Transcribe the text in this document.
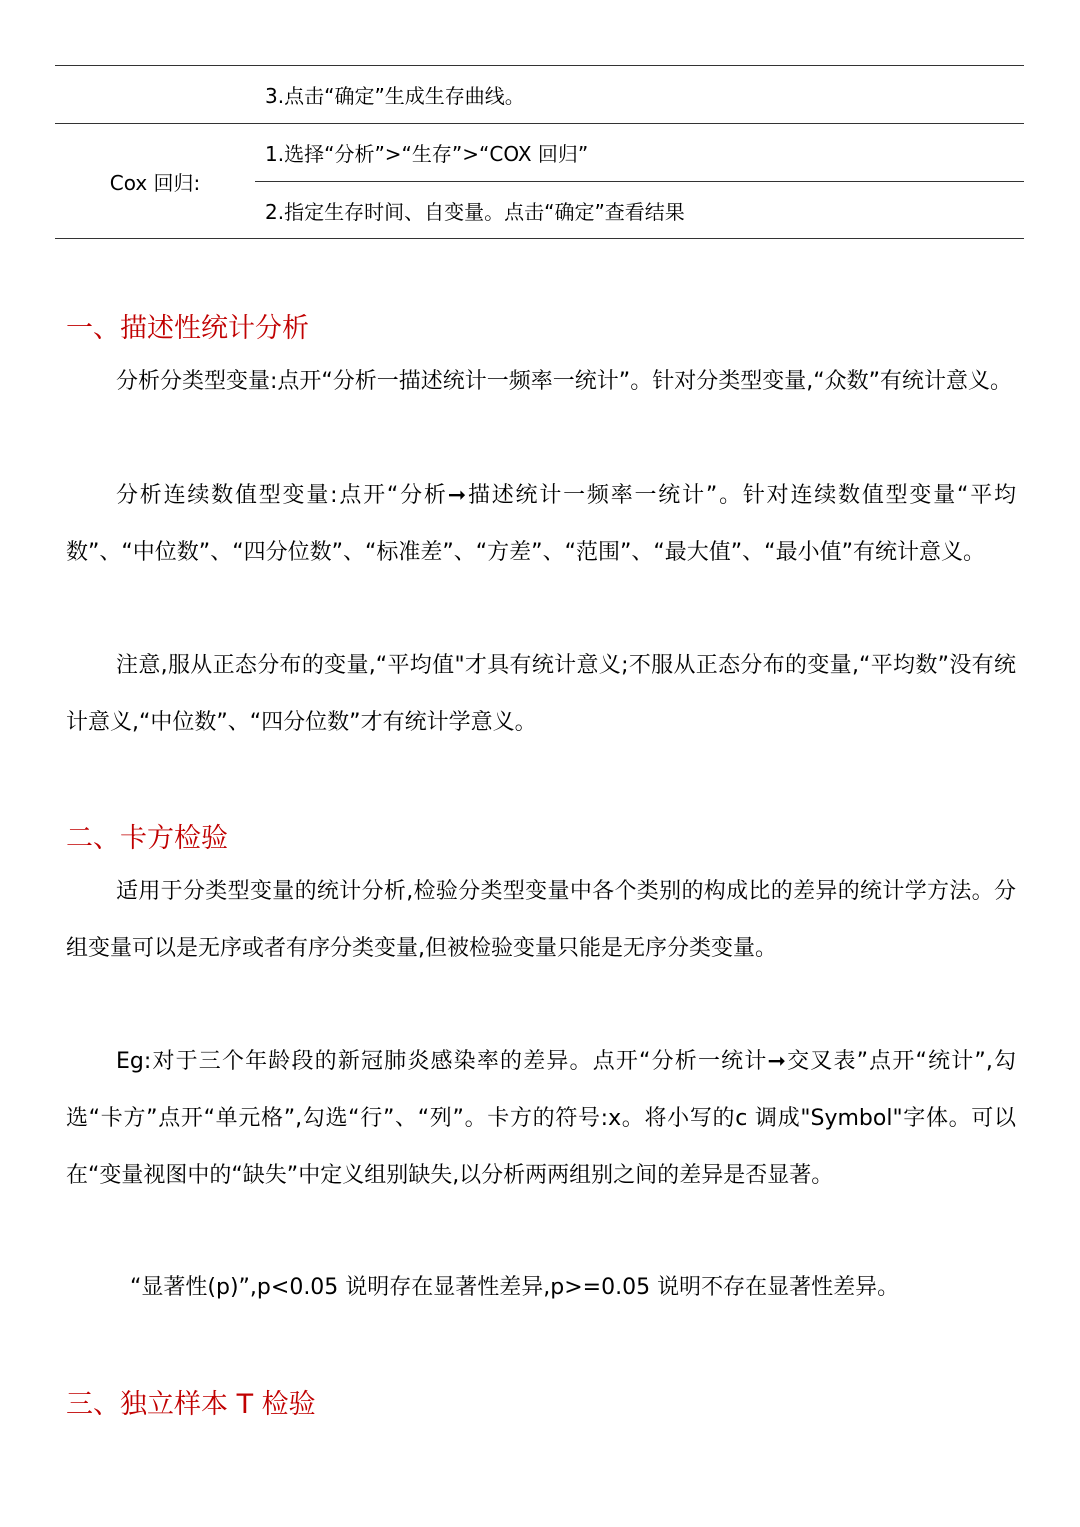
3.点击“确定”生成生存曲线。
Cox 回归:
1.选择“分析”>“生存”>“COX 回归”
2.指定生存时间、自变量。点击“确定”查看结果
一、描述性统计分析

分析分类型变量:点开“分析一描述统计一频率一统计”。针对分类型变量,“众数”有统计意义。

分析连续数值型变量:点开“分析➞描述统计一频率一统计”。针对连续数值型变量“平均数”、“中位数”、“四分位数”、“标准差”、“方差”、“范围”、“最大值”、“最小值”有统计意义。

注意,服从正态分布的变量,“平均值"才具有统计意义;不服从正态分布的变量,“平均数”没有统计意义,“中位数”、“四分位数”才有统计学意义。

二、卡方检验

适用于分类型变量的统计分析,检验分类型变量中各个类别的构成比的差异的统计学方法。分组变量可以是无序或者有序分类变量,但被检验变量只能是无序分类变量。

Eg:对于三个年龄段的新冠肺炎感染率的差异。点开“分析一统计➞交叉表”点开“统计”,勾选“卡方”点开“单元格”,勾选“行”、“列”。卡方的符号:x。将小写的c 调成"Symbol"字体。可以在“变量视图中的“缺失”中定义组别缺失,以分析两两组别之间的差异是否显著。

“显著性(p)”,p<0.05 说明存在显著性差异,p>=0.05 说明不存在显著性差异。

三、独立样本 T 检验
